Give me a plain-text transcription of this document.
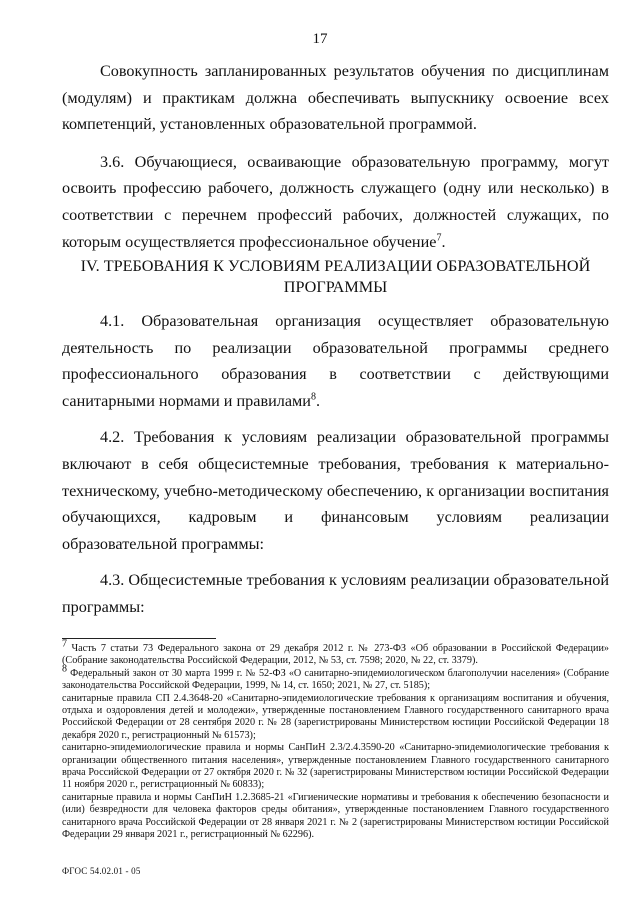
17

Совокупность запланированных результатов обучения по дисциплинам (модулям) и практикам должна обеспечивать выпускнику освоение всех компетенций, установленных образовательной программой.

3.6. Обучающиеся, осваивающие образовательную программу, могут освоить профессию рабочего, должность служащего (одну или несколько) в соответствии с перечнем профессий рабочих, должностей служащих, по которым осуществляется профессиональное обучение$^7$.

IV. ТРЕБОВАНИЯ К УСЛОВИЯМ РЕАЛИЗАЦИИ ОБРАЗОВАТЕЛЬНОЙ ПРОГРАММЫ

4.1. Образовательная организация осуществляет образовательную деятельность по реализации образовательной программы среднего профессионального образования в соответствии с действующими санитарными нормами и правилами$^8$.

4.2. Требования к условиям реализации образовательной программы включают в себя общесистемные требования, требования к материально-техническому, учебно-методическому обеспечению, к организации воспитания обучающихся, кадровым и финансовым условиям реализации образовательной программы:

4.3. Общесистемные требования к условиям реализации образовательной программы:

$^7$ Часть 7 статьи 73 Федерального закона от 29 декабря 2012 г. № 273-ФЗ «Об образовании в Российской Федерации» (Собрание законодательства Российской Федерации, 2012, № 53, ст. 7598; 2020, № 22, ст. 3379).

$^8$ Федеральный закон от 30 марта 1999 г. № 52-ФЗ «О санитарно-эпидемиологическом благополучии населения» (Собрание законодательства Российской Федерации, 1999, № 14, ст. 1650; 2021, № 27, ст. 5185);

санитарные правила СП 2.4.3648-20 «Санитарно-эпидемиологические требования к организациям воспитания и обучения, отдыха и оздоровления детей и молодежи», утвержденные постановлением Главного государственного санитарного врача Российской Федерации от 28 сентября 2020 г. № 28 (зарегистрированы Министерством юстиции Российской Федерации 18 декабря 2020 г., регистрационный № 61573);

санитарно-эпидемиологические правила и нормы СанПиН 2.3/2.4.3590-20 «Санитарно-эпидемиологические требования к организации общественного питания населения», утвержденные постановлением Главного государственного санитарного врача Российской Федерации от 27 октября 2020 г. № 32 (зарегистрированы Министерством юстиции Российской Федерации 11 ноября 2020 г., регистрационный № 60833);

санитарные правила и нормы СанПиН 1.2.3685-21 «Гигиенические нормативы и требования к обеспечению безопасности и (или) безвредности для человека факторов среды обитания», утвержденные постановлением Главного государственного санитарного врача Российской Федерации от 28 января 2021 г. № 2 (зарегистрированы Министерством юстиции Российской Федерации 29 января 2021 г., регистрационный № 62296).

ФГОС 54.02.01 - 05
